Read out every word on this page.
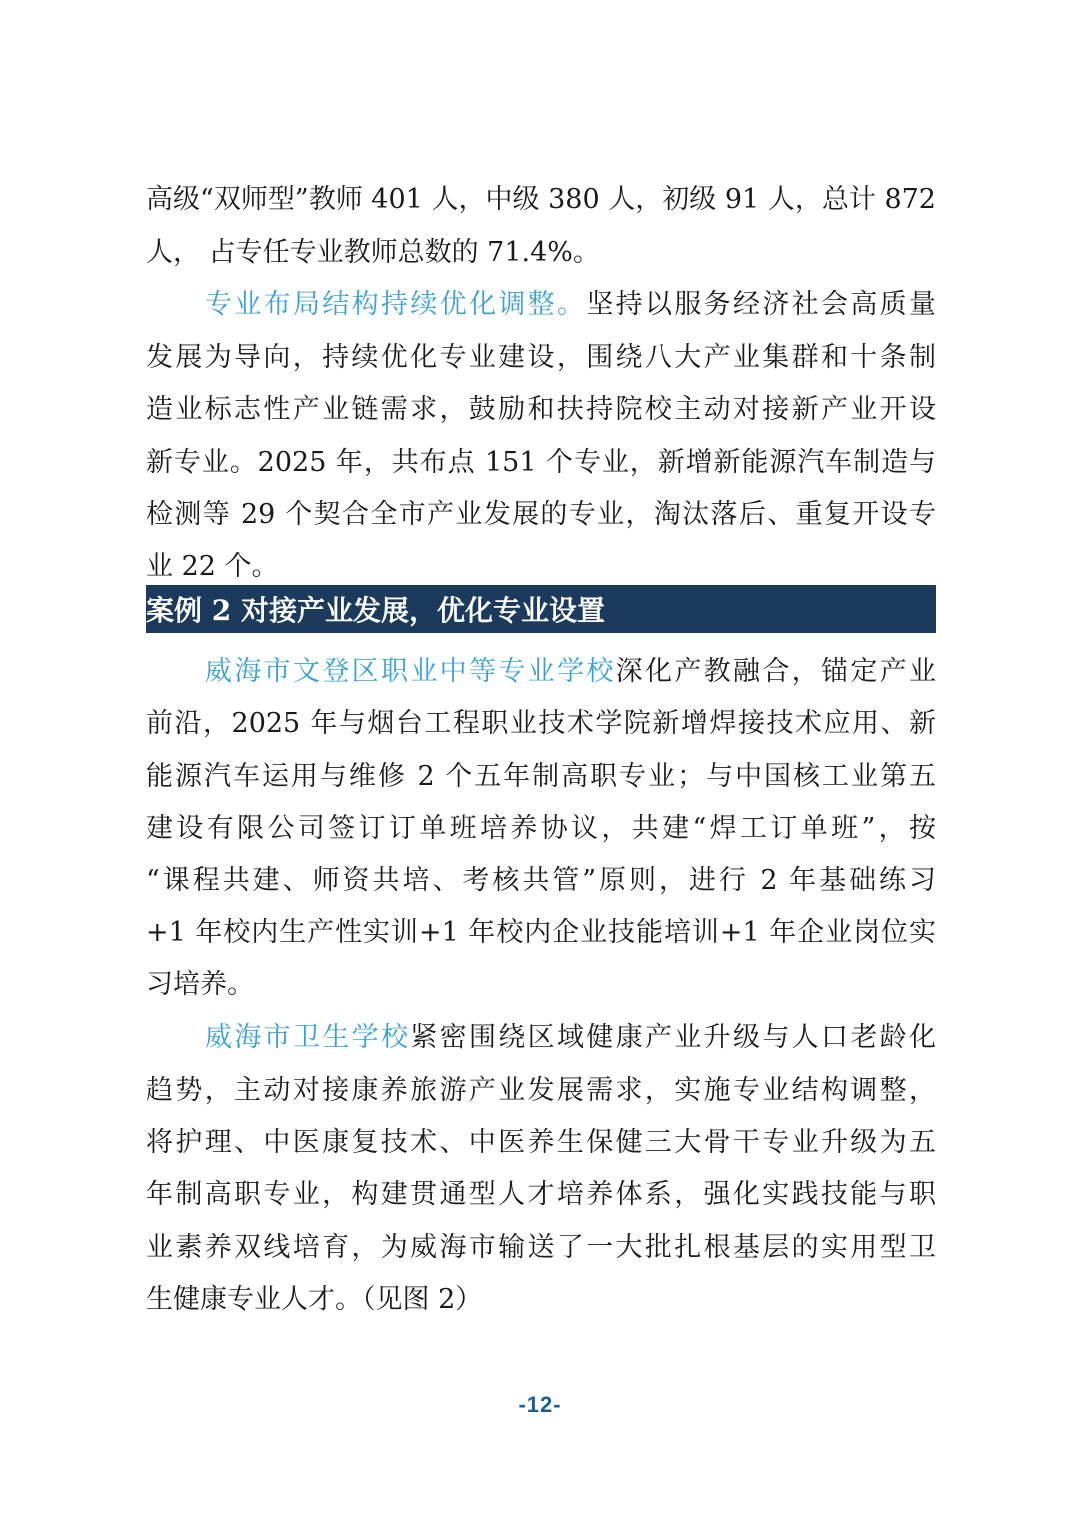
高级“双师型”教师 401 人，中级 380 人，初级 91 人，总计 872
人， 占专任专业教师总数的 71.4%。
专业布局结构持续优化调整。坚持以服务经济社会高质量
发展为导向，持续优化专业建设，围绕八大产业集群和十条制
造业标志性产业链需求，鼓励和扶持院校主动对接新产业开设
新专业。2025 年，共布点 151 个专业，新增新能源汽车制造与
检测等 29 个契合全市产业发展的专业，淘汰落后、重复开设专
业 22 个。
案例 2 对接产业发展，优化专业设置
威海市文登区职业中等专业学校深化产教融合，锚定产业
前沿，2025 年与烟台工程职业技术学院新增焊接技术应用、新
能源汽车运用与维修 2 个五年制高职专业；与中国核工业第五
建设有限公司签订订单班培养协议，共建“焊工订单班”，按
“课程共建、师资共培、考核共管”原则，进行 2 年基础练习
+1 年校内生产性实训+1 年校内企业技能培训+1 年企业岗位实
习培养。
威海市卫生学校紧密围绕区域健康产业升级与人口老龄化
趋势，主动对接康养旅游产业发展需求，实施专业结构调整，
将护理、中医康复技术、中医养生保健三大骨干专业升级为五
年制高职专业，构建贯通型人才培养体系，强化实践技能与职
业素养双线培育，为威海市输送了一大批扎根基层的实用型卫
生健康专业人才。（见图 2）
-12-
